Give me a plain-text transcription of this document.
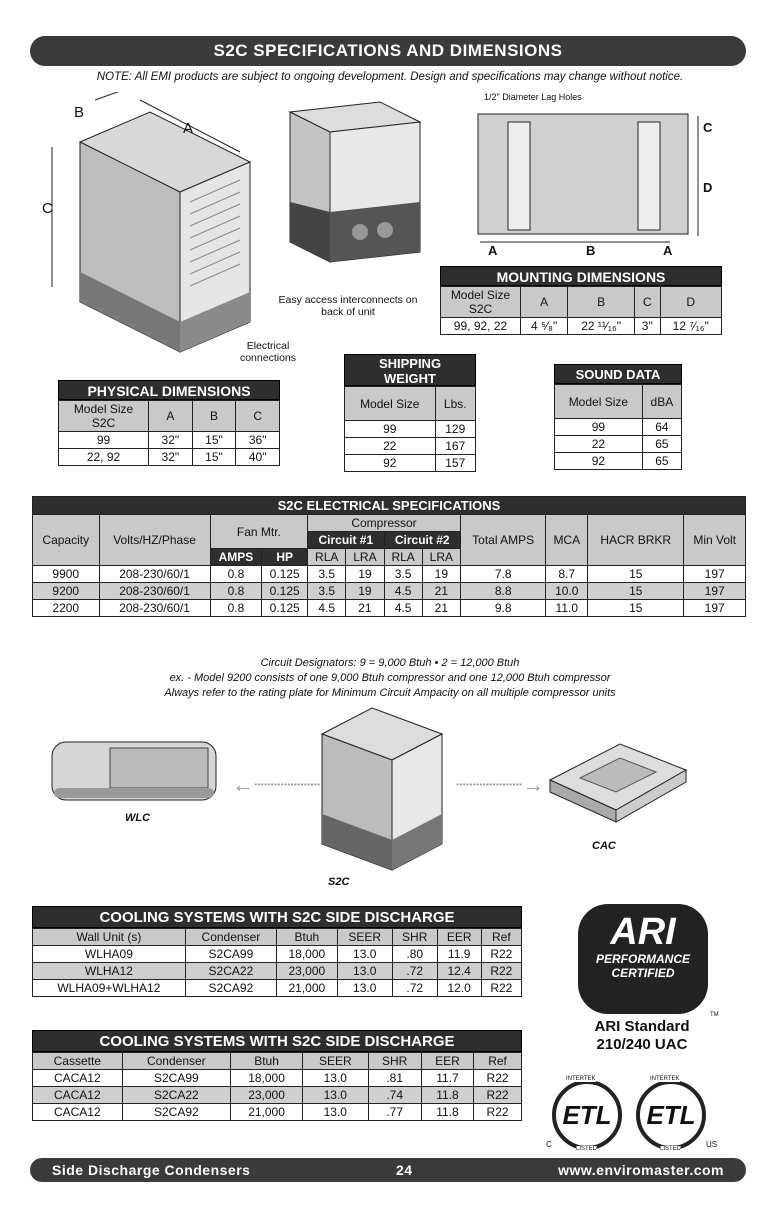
S2C SPECIFICATIONS AND DIMENSIONS
NOTE: All EMI products are subject to ongoing development. Design and specifications may change without notice.
B
A
C
Electrical connections
Easy access interconnects on back of unit
1/2" Diameter Lag Holes
C
D
A	B	A
MOUNTING DIMENSIONS
Model Size S2C	A	B	C	D
99, 92, 22	4 ⁵⁄₈"	22 ¹¹⁄₁₆"	3"	12 ⁷⁄₁₆"
PHYSICAL DIMENSIONS
Model Size S2C	A	B	C
99	32"	15"	36"
22, 92	32"	15"	40"
SHIPPING WEIGHT
Model Size	Lbs.
99	129
22	167
92	157
SOUND DATA
Model Size	dBA
99	64
22	65
92	65
S2C ELECTRICAL SPECIFICATIONS											
Capacity	Volts/HZ/Phase	Fan Mtr.		Compressor				Total AMPS	MCA	HACR BRKR	Min Volt
				Circuit #1		Circuit #2					
		AMPS	HP	RLA	LRA	RLA	LRA				
9900	208-230/60/1	0.8	0.125	3.5	19	3.5	19	7.8	8.7	15	197
9200	208-230/60/1	0.8	0.125	3.5	19	4.5	21	8.8	10.0	15	197
2200	208-230/60/1	0.8	0.125	4.5	21	4.5	21	9.8	11.0	15	197
Circuit Designators: 9 = 9,000 Btuh • 2 = 12,000 Btuh
ex. - Model 9200 consists of one 9,000 Btuh compressor and one 12,000 Btuh compressor
Always refer to the rating plate for Minimum Circuit Ampacity on all multiple compressor units
←┈┈┈┈┈
WLC
┈┈┈┈┈→
S2C
CAC
COOLING SYSTEMS WITH S2C SIDE DISCHARGE
Wall Unit (s)	Condenser	Btuh	SEER	SHR	EER	Ref
WLHA09	S2CA99	18,000	13.0	.80	11.9	R22
WLHA12	S2CA22	23,000	13.0	.72	12.4	R22
WLHA09+WLHA12	S2CA92	21,000	13.0	.72	12.0	R22
COOLING SYSTEMS WITH S2C SIDE DISCHARGE
Cassette	Condenser	Btuh	SEER	SHR	EER	Ref
CACA12	S2CA99	18,000	13.0	.81	11.7	R22
CACA12	S2CA22	23,000	13.0	.74	11.8	R22
CACA12	S2CA92	21,000	13.0	.77	11.8	R22
ARI
PERFORMANCE
CERTIFIED
TM
ARI Standard
210/240 UAC
ETL
C
INTERTEK
LISTED
ETL
INTERTEK
LISTED	US
Side Discharge Condensers	24	www.enviromaster.com
